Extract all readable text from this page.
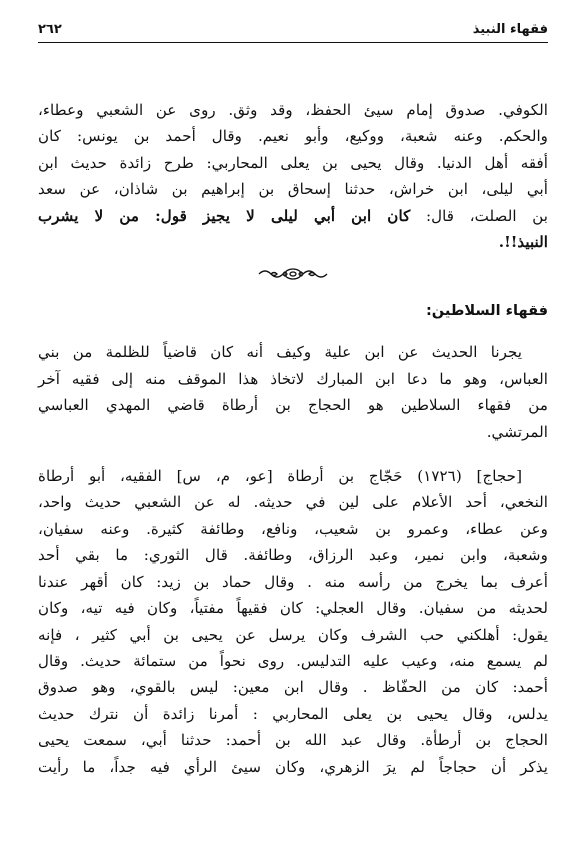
فقهاء النبيذ
٢٦٢
الكوفي. صدوق إمام سيئ الحفظ، وقد وثق. روى عن الشعبي وعطاء،
والحكم. وعنه شعبة، ووكيع، وأبو نعيم. وقال أحمد بن يونس: كان
أفقه أهل الدنيا. وقال يحيى بن يعلى المحاربي: طرح زائدة حديث ابن
أبي ليلى، ابن خراش، حدثنا إسحاق بن إبراهيم بن شاذان، عن سعد
بن الصلت، قال: كان ابن أبي ليلى لا يجيز قول: من لا يشرب
النبيذ!!.
فقهاء السلاطين:
يجرنا الحديث عن ابن علية وكيف أنه كان قاضياً للظلمة من بني
العباس، وهو ما دعا ابن المبارك لاتخاذ هذا الموقف منه إلى فقيه آخر
من فقهاء السلاطين هو الحجاج بن أرطاة قاضي المهدي العباسي
المرتشي.
[حجاج] (١٧٢٦) حَجّاج بن أرطاة [عو، م، س] الفقيه، أبو أرطاة
النخعي، أحد الأعلام على لين في حديثه. له عن الشعبي حديث واحد،
وعن عطاء، وعمرو بن شعيب، ونافع، وطائفة كثيرة. وعنه سفيان،
وشعبة، وابن نمير، وعبد الرزاق، وطائفة. قال الثوري: ما بقي أحد
أعرف بما يخرج من رأسه منه . وقال حماد بن زيد: كان أقهر عندنا
لحديثه من سفيان. وقال العجلي: كان فقيهاً مفتياً، وكان فيه تيه، وكان
يقول: أهلكني حب الشرف وكان يرسل عن يحيى بن أبي كثير ، فإنه
لم يسمع منه، وعيب عليه التدليس. روى نحواً من ستمائة حديث. وقال
أحمد: كان من الحفّاظ . وقال ابن معين: ليس بالقوي، وهو صدوق
يدلس، وقال يحيى بن يعلى المحاربي : أمرنا زائدة أن نترك حديث
الحجاج بن أرطأة. وقال عبد الله بن أحمد: حدثنا أبي، سمعت يحيى
يذكر أن حجاجاً لم يرَ الزهري، وكان سيئ الرأي فيه جداً، ما رأيت
